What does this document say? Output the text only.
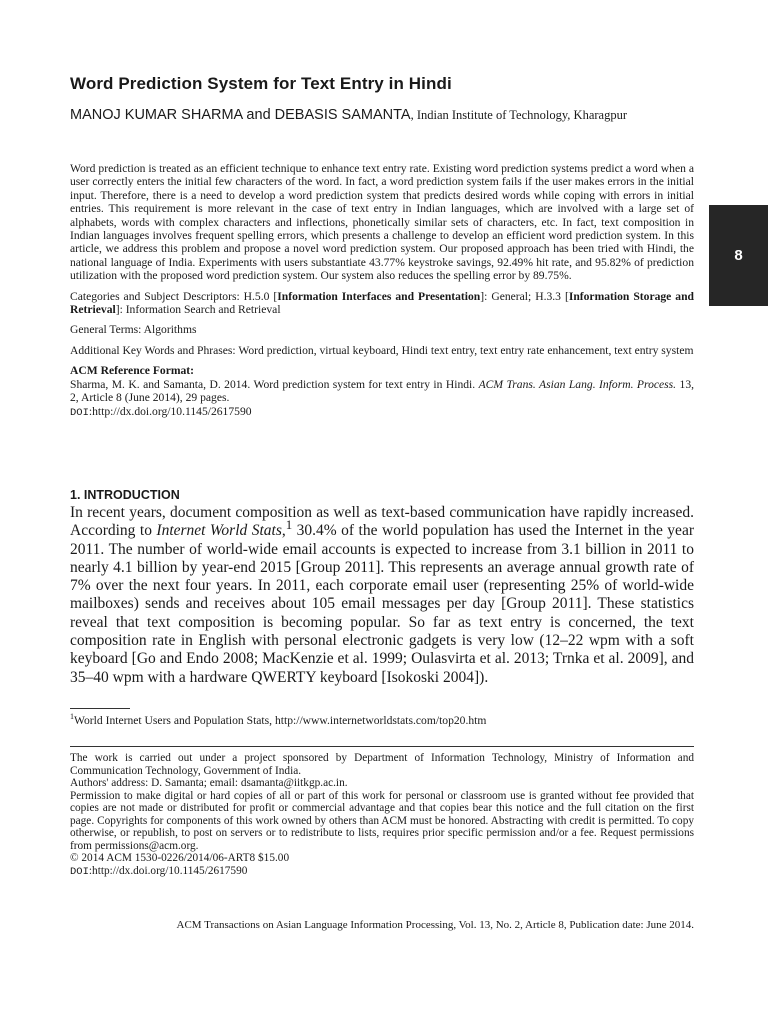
Word Prediction System for Text Entry in Hindi
MANOJ KUMAR SHARMA and DEBASIS SAMANTA, Indian Institute of Technology, Kharagpur
8

Word prediction is treated as an efficient technique to enhance text entry rate. Existing word prediction systems predict a word when a user correctly enters the initial few characters of the word. In fact, a word prediction system fails if the user makes errors in the initial input. Therefore, there is a need to develop a word prediction system that predicts desired words while coping with errors in initial entries. This requirement is more relevant in the case of text entry in Indian languages, which are involved with a large set of alphabets, words with complex characters and inflections, phonetically similar sets of characters, etc. In fact, text composition in Indian languages involves frequent spelling errors, which presents a challenge to develop an efficient word prediction system. In this article, we address this problem and propose a novel word prediction system. Our proposed approach has been tried with Hindi, the national language of India. Experiments with users substantiate 43.77% keystroke savings, 92.49% hit rate, and 95.82% of prediction utilization with the proposed word prediction system. Our system also reduces the spelling error by 89.75%.

Categories and Subject Descriptors: H.5.0 [Information Interfaces and Presentation]: General; H.3.3 [Information Storage and Retrieval]: Information Search and Retrieval

General Terms: Algorithms

Additional Key Words and Phrases: Word prediction, virtual keyboard, Hindi text entry, text entry rate enhancement, text entry system

ACM Reference Format:

Sharma, M. K. and Samanta, D. 2014. Word prediction system for text entry in Hindi. ACM Trans. Asian Lang. Inform. Process. 13, 2, Article 8 (June 2014), 29 pages.

DOI:http://dx.doi.org/10.1145/2617590

1. INTRODUCTION

In recent years, document composition as well as text-based communication have rapidly increased. According to Internet World Stats,$^1$ 30.4% of the world population has used the Internet in the year 2011. The number of world-wide email accounts is expected to increase from 3.1 billion in 2011 to nearly 4.1 billion by year-end 2015 [Group 2011]. This represents an average annual growth rate of 7% over the next four years. In 2011, each corporate email user (representing 25% of world-wide mailboxes) sends and receives about 105 email messages per day [Group 2011]. These statistics reveal that text composition is becoming popular. So far as text entry is concerned, the text composition rate in English with personal electronic gadgets is very low (12–22 wpm with a soft keyboard [Go and Endo 2008; MacKenzie et al. 1999; Oulasvirta et al. 2013; Trnka et al. 2009], and 35–40 wpm with a hardware QWERTY keyboard [Isokoski 2004]).

$^1$World Internet Users and Population Stats, http://www.internetworldstats.com/top20.htm

The work is carried out under a project sponsored by Department of Information Technology, Ministry of Information and Communication Technology, Government of India.

Authors' address: D. Samanta; email: dsamanta@iitkgp.ac.in.

Permission to make digital or hard copies of all or part of this work for personal or classroom use is granted without fee provided that copies are not made or distributed for profit or commercial advantage and that copies bear this notice and the full citation on the first page. Copyrights for components of this work owned by others than ACM must be honored. Abstracting with credit is permitted. To copy otherwise, or republish, to post on servers or to redistribute to lists, requires prior specific permission and/or a fee. Request permissions from permissions@acm.org.

© 2014 ACM 1530-0226/2014/06-ART8 $15.00

DOI:http://dx.doi.org/10.1145/2617590

ACM Transactions on Asian Language Information Processing, Vol. 13, No. 2, Article 8, Publication date: June 2014.
